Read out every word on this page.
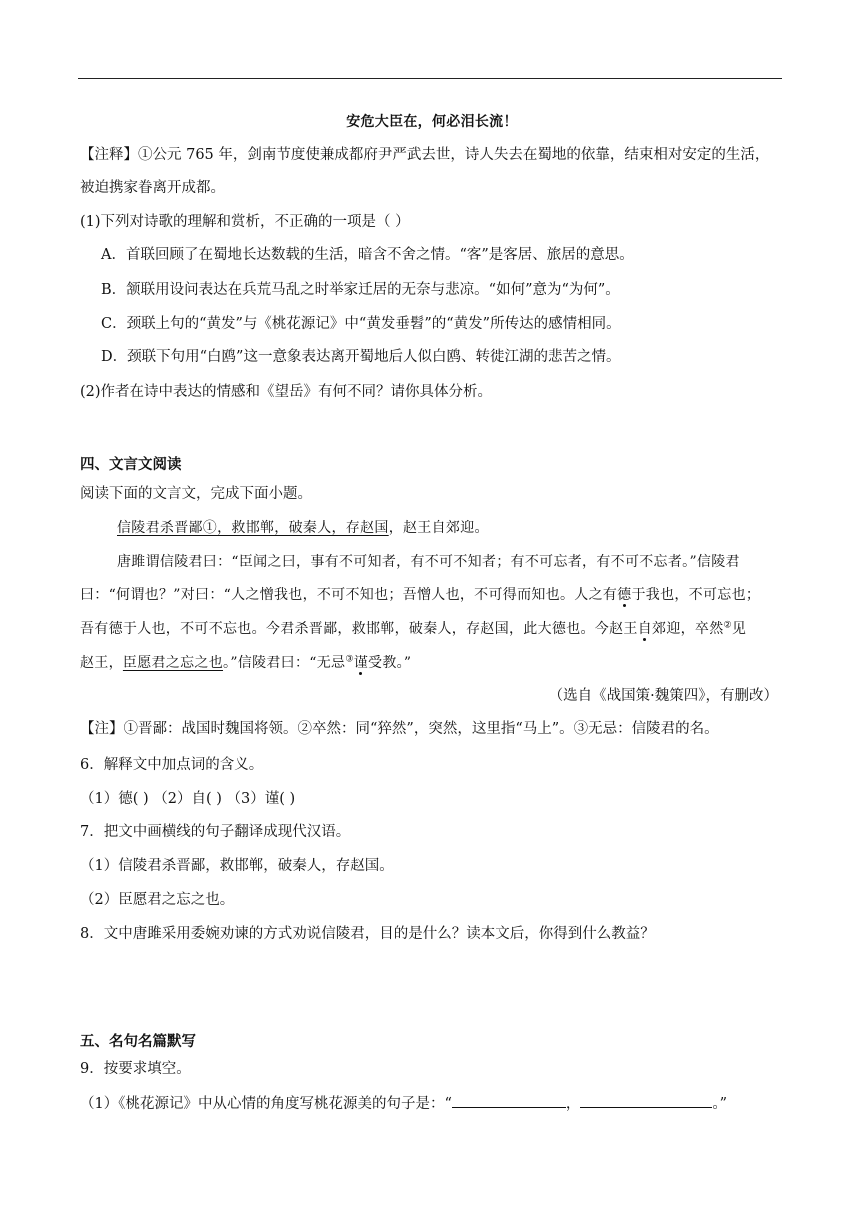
安危大臣在，何必泪长流！
【注释】①公元 765 年，剑南节度使兼成都府尹严武去世，诗人失去在蜀地的依靠，结束相对安定的生活，
被迫携家眷离开成都。
(1)下列对诗歌的理解和赏析，不正确的一项是（ ）
A．首联回顾了在蜀地长达数载的生活，暗含不舍之情。“客”是客居、旅居的意思。
B．颔联用设问表达在兵荒马乱之时举家迁居的无奈与悲凉。“如何”意为“为何”。
C．颈联上句的“黄发”与《桃花源记》中“黄发垂髫”的“黄发”所传达的感情相同。
D．颈联下句用“白鸥”这一意象表达离开蜀地后人似白鸥、转徙江湖的悲苦之情。
(2)作者在诗中表达的情感和《望岳》有何不同？请你具体分析。
四、文言文阅读
阅读下面的文言文，完成下面小题。
信陵君杀晋鄙①，救邯郸，破秦人，存赵国，赵王自郊迎。
唐雎谓信陵君曰：“臣闻之曰，事有不可知者，有不可不知者；有不可忘者，有不可不忘者。”信陵君
曰：“何谓也？”对曰：“人之憎我也，不可不知也；吾憎人也，不可得而知也。人之有德于我也，不可忘也；
吾有德于人也，不可不忘也。今君杀晋鄙，救邯郸，破秦人，存赵国，此大德也。今赵王自郊迎，卒然②见
赵王，臣愿君之忘之也。”信陵君曰：“无忌③谨受教。”
（选自《战国策·魏策四》，有删改）
【注】①晋鄙：战国时魏国将领。②卒然：同“猝然”，突然，这里指“马上”。③无忌：信陵君的名。
6．解释文中加点词的含义。
（1）德( ) （2）自( ) （3）谨( )
7．把文中画横线的句子翻译成现代汉语。
（1）信陵君杀晋鄙，救邯郸，破秦人，存赵国。
（2）臣愿君之忘之也。
8．文中唐雎采用委婉劝谏的方式劝说信陵君，目的是什么？读本文后，你得到什么教益？
五、名句名篇默写
9．按要求填空。
（1）《桃花源记》中从心情的角度写桃花源美的句子是：“	，	。”
